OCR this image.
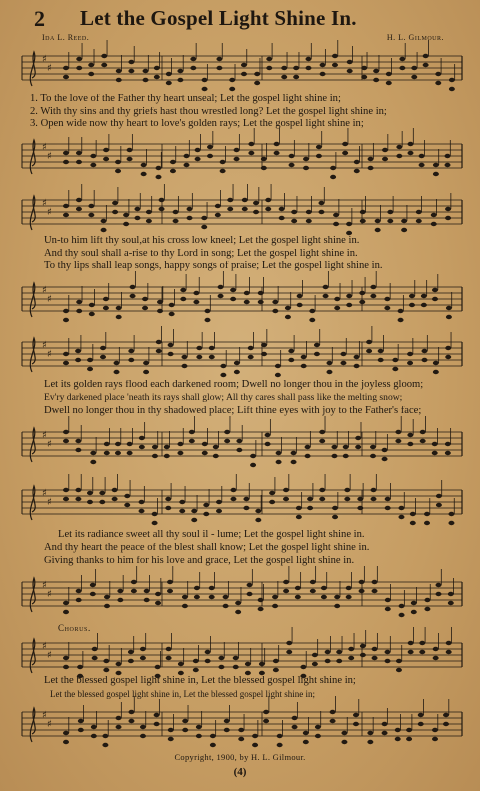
2 Let the Gospel Light Shine In.
Ida L. Reed.	H. L. Gilmour.
♯
♯
1. To the love of the Father thy heart unseal; Let the gospel light shine in;
2. With thy sins and thy griefs hast thou wrestled long? Let the gospel light shine in;
3. Open wide now thy heart to love's golden rays; Let the gospel light shine in;
♯
♯
♯
♯
Un-to him lift thy soul,at his cross low kneel; Let the gospel light shine in.
And thy soul shall a-rise to thy Lord in song; Let the gospel light shine in.
To thy lips shall leap songs, happy songs of praise; Let the gospel light shine in.
♯
♯
♯
♯
Let its golden rays flood each darkened room; Dwell no longer thou in the joyless gloom;
Ev'ry darkened place 'neath its rays shall glow; All thy cares shall pass like the melting snow;
Dwell no longer thou in thy shadowed place; Lift thine eyes with joy to the Father's face;
♯
♯
♯
♯
Let its radiance sweet all thy soul il - lume; Let the gospel light shine in.
And thy heart the peace of the blest shall know; Let the gospel light shine in.
Giving thanks to him for his love and grace, Let the gospel light shine in.
♯
♯
Chorus.
♯
♯
Let the blessed gospel light shine in, Let the blessed gospel light shine in;
Let the blessed gospel light shine in, Let the blessed gospel light shine in;
♯
♯
Copyright, 1900, by H. L. Gilmour.
(4)
